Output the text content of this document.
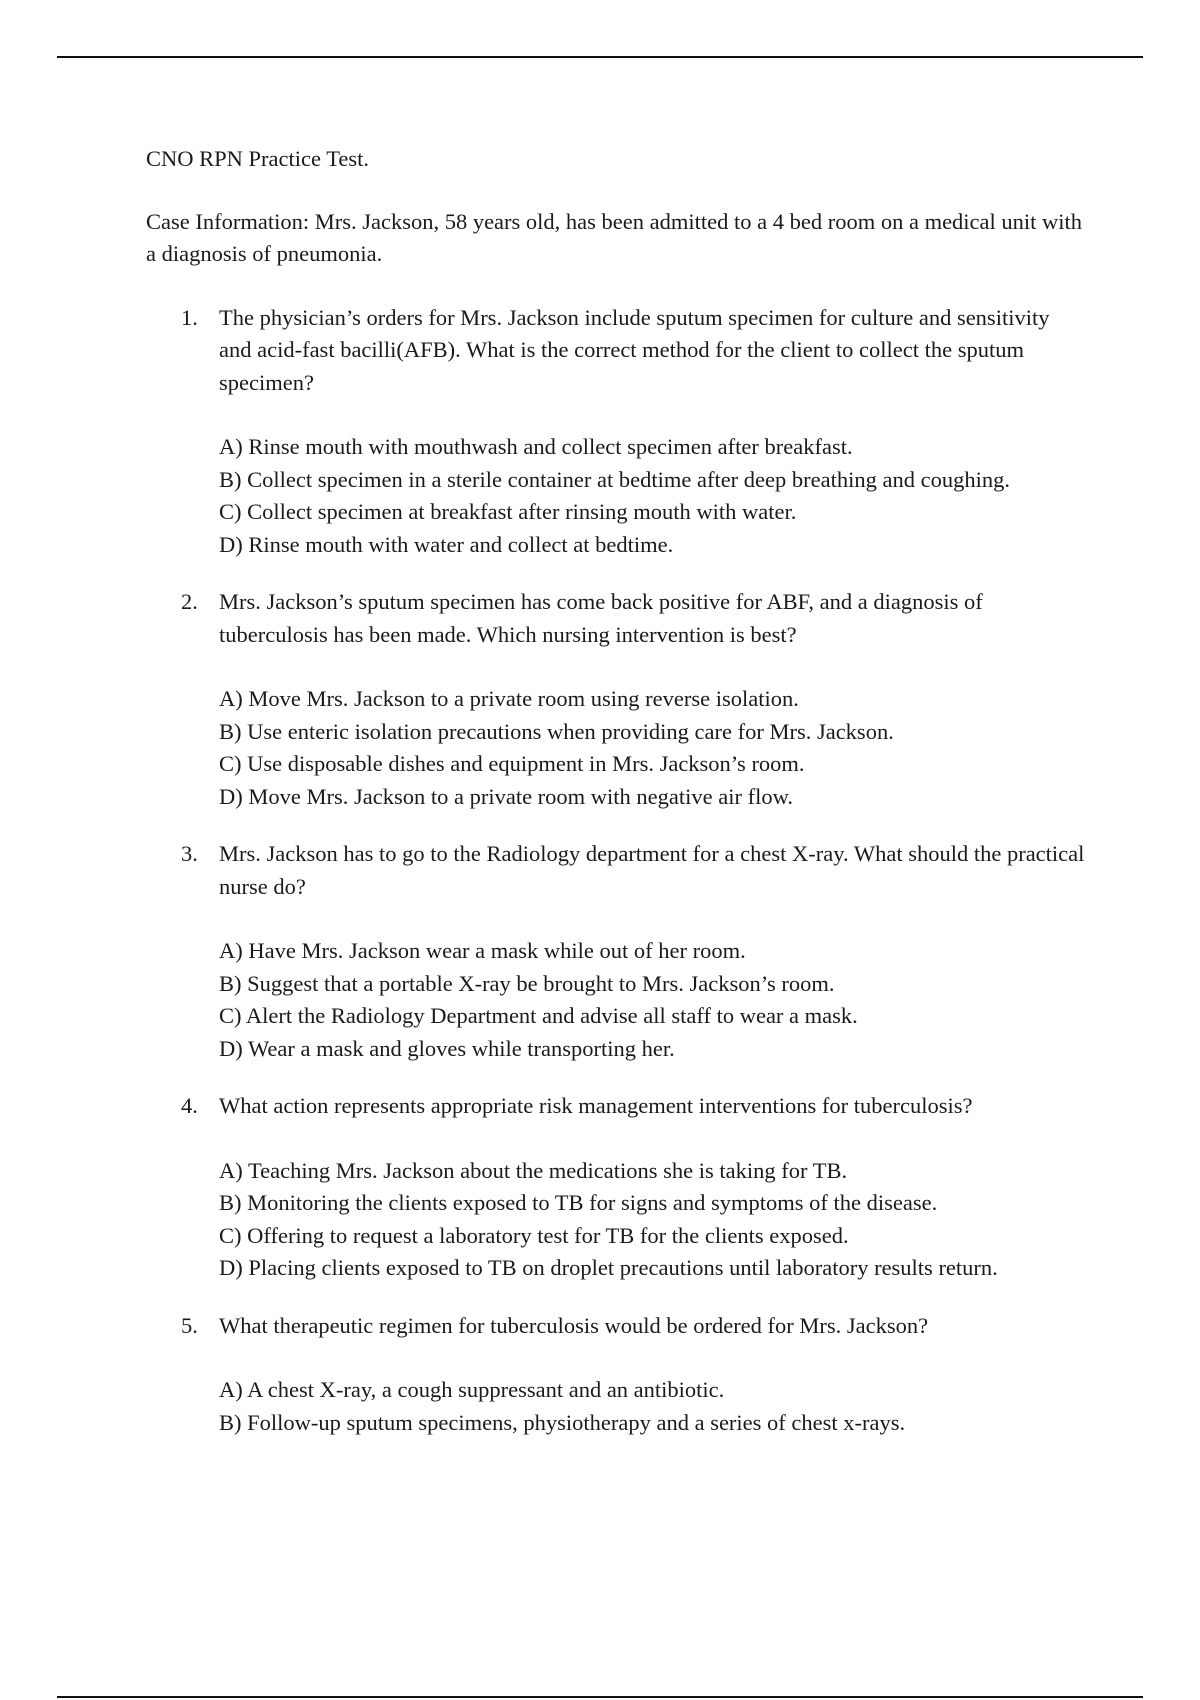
CNO RPN Practice Test.

Case Information: Mrs. Jackson, 58 years old, has been admitted to a 4 bed room on a medical unit with a diagnosis of pneumonia.

1. The physician’s orders for Mrs. Jackson include sputum specimen for culture and sensitivity and acid-fast bacilli(AFB). What is the correct method for the client to collect the sputum specimen?
A) Rinse mouth with mouthwash and collect specimen after breakfast.
B) Collect specimen in a sterile container at bedtime after deep breathing and coughing.
C) Collect specimen at breakfast after rinsing mouth with water.
D) Rinse mouth with water and collect at bedtime.
2. Mrs. Jackson’s sputum specimen has come back positive for ABF, and a diagnosis of tuberculosis has been made. Which nursing intervention is best?
A) Move Mrs. Jackson to a private room using reverse isolation.
B) Use enteric isolation precautions when providing care for Mrs. Jackson.
C) Use disposable dishes and equipment in Mrs. Jackson’s room.
D) Move Mrs. Jackson to a private room with negative air flow.
3. Mrs. Jackson has to go to the Radiology department for a chest X-ray. What should the practical nurse do?
A) Have Mrs. Jackson wear a mask while out of her room.
B) Suggest that a portable X-ray be brought to Mrs. Jackson’s room.
C) Alert the Radiology Department and advise all staff to wear a mask.
D) Wear a mask and gloves while transporting her.
4. What action represents appropriate risk management interventions for tuberculosis?
A) Teaching Mrs. Jackson about the medications she is taking for TB.
B) Monitoring the clients exposed to TB for signs and symptoms of the disease.
C) Offering to request a laboratory test for TB for the clients exposed.
D) Placing clients exposed to TB on droplet precautions until laboratory results return.
5. What therapeutic regimen for tuberculosis would be ordered for Mrs. Jackson?
A) A chest X-ray, a cough suppressant and an antibiotic.
B) Follow-up sputum specimens, physiotherapy and a series of chest x-rays.
